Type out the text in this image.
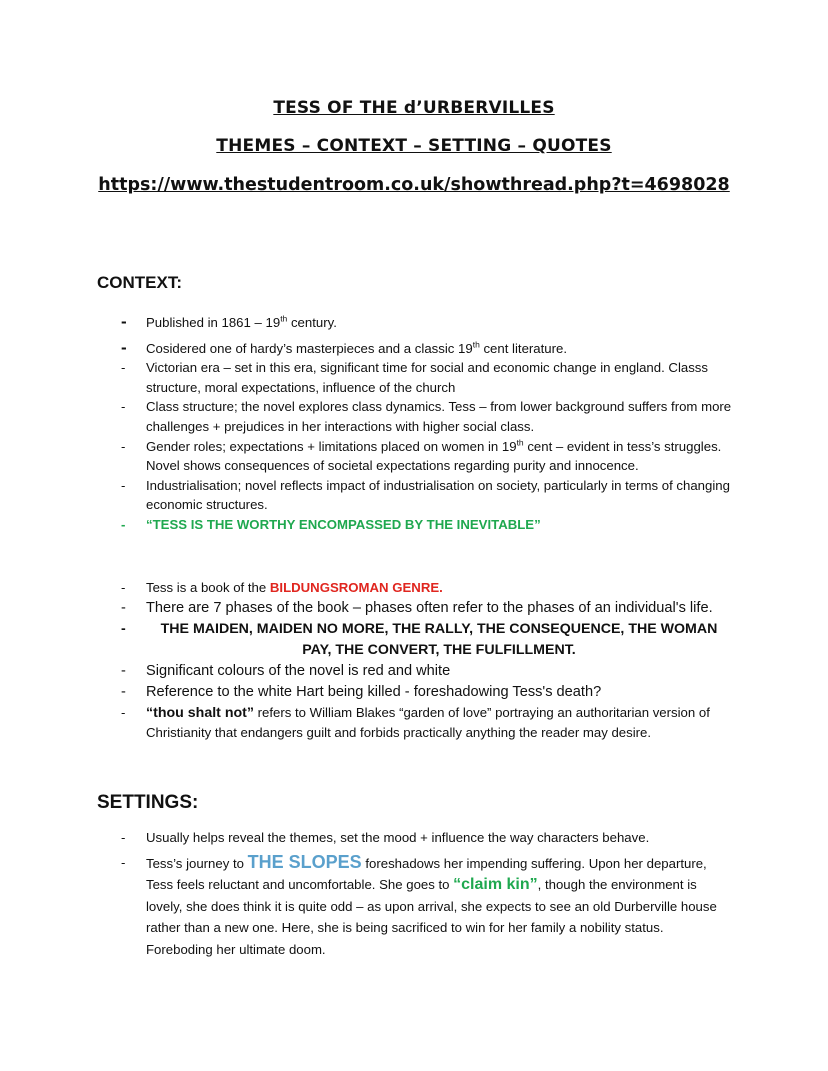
TESS OF THE d’URBERVILLES
THEMES – CONTEXT – SETTING – QUOTES
https://www.thestudentroom.co.uk/showthread.php?t=4698028
CONTEXT:
- Published in 1861 – 19th century.
- Cosidered one of hardy’s masterpieces and a classic 19th cent literature.
- Victorian era – set in this era, significant time for social and economic change in england. Classs structure, moral expectations, influence of the church
- Class structure; the novel explores class dynamics. Tess – from lower background suffers from more challenges + prejudices in her interactions with higher social class.
- Gender roles; expectations + limitations placed on women in 19th cent – evident in tess’s struggles. Novel shows consequences of societal expectations regarding purity and innocence.
- Industrialisation; novel reflects impact of industrialisation on society, particularly in terms of changing economic structures.
- “TESS IS THE WORTHY ENCOMPASSED BY THE INEVITABLE”
- Tess is a book of the BILDUNGSROMAN GENRE.
- There are 7 phases of the book – phases often refer to the phases of an individual's life.
- THE MAIDEN, MAIDEN NO MORE, THE RALLY, THE CONSEQUENCE, THE WOMAN PAY, THE CONVERT, THE FULFILLMENT.
- Significant colours of the novel is red and white
- Reference to the white Hart being killed - foreshadowing Tess's death?
- “thou shalt not” refers to William Blakes “garden of love” portraying an authoritarian version of Christianity that endangers guilt and forbids practically anything the reader may desire.
SETTINGS:
- Usually helps reveal the themes, set the mood + influence the way characters behave.
- Tess’s journey to THE SLOPES foreshadows her impending suffering. Upon her departure, Tess feels reluctant and uncomfortable. She goes to “claim kin”, though the environment is lovely, she does think it is quite odd – as upon arrival, she expects to see an old Durberville house rather than a new one. Here, she is being sacrificed to win for her family a nobility status. Foreboding her ultimate doom.
